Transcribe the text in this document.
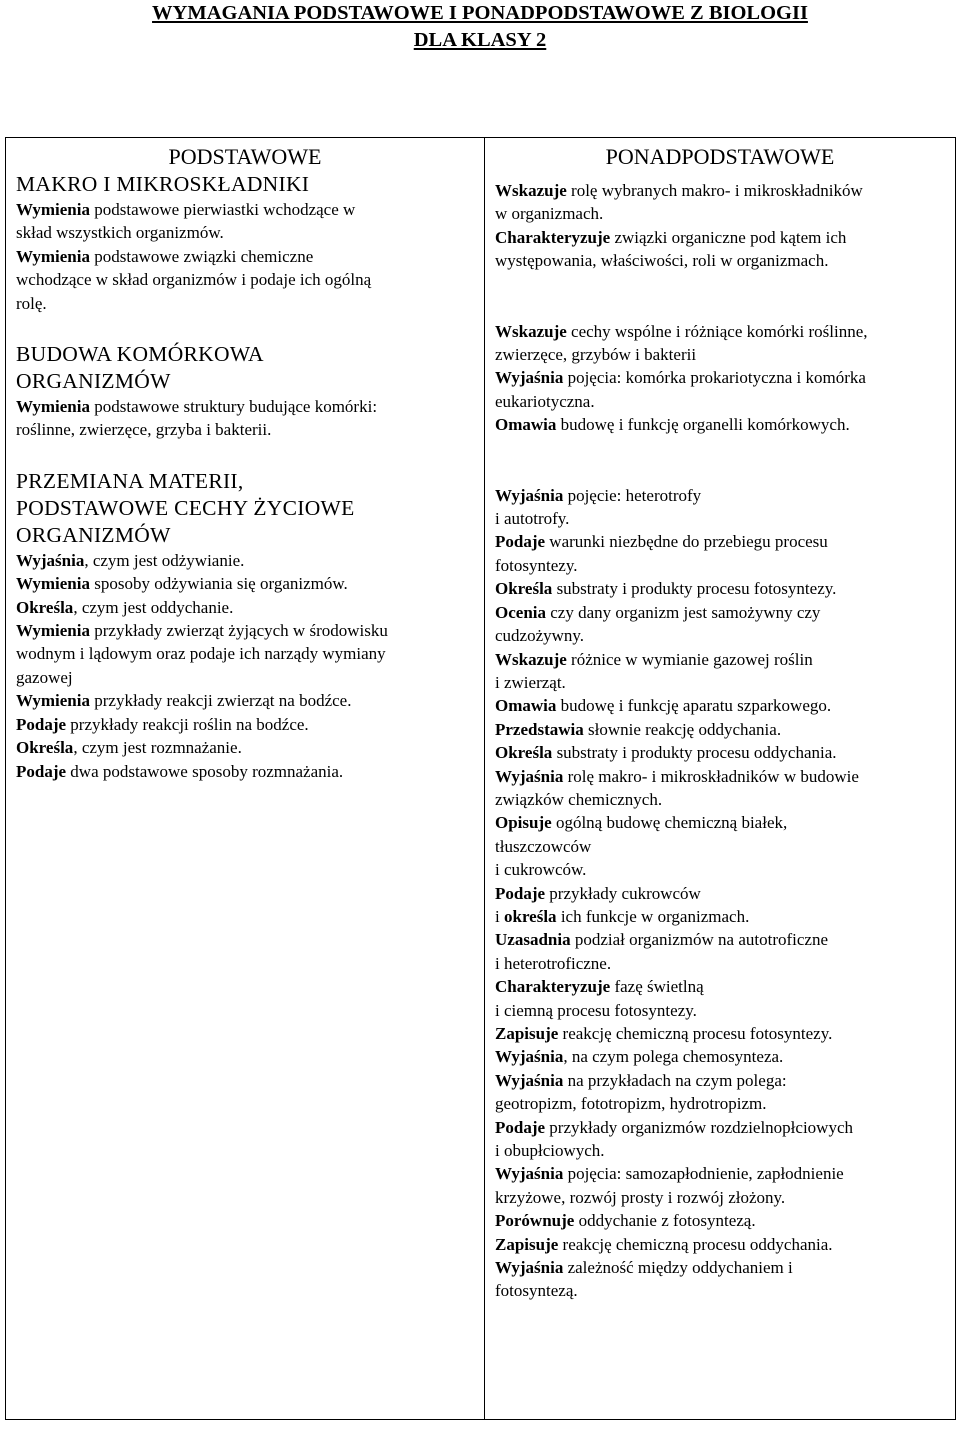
WYMAGANIA PODSTAWOWE I PONADPODSTAWOWE Z BIOLOGII
DLA KLASY 2
PODSTAWOWE
MAKRO I MIKROSKŁADNIKI
Wymienia podstawowe pierwiastki wchodzące w
skład wszystkich organizmów.
Wymienia podstawowe związki chemiczne
wchodzące w skład organizmów i podaje ich ogólną
rolę.
BUDOWA KOMÓRKOWA
ORGANIZMÓW
Wymienia podstawowe struktury budujące komórki:
roślinne, zwierzęce, grzyba i bakterii.
PRZEMIANA MATERII,
PODSTAWOWE CECHY ŻYCIOWE
ORGANIZMÓW
Wyjaśnia, czym jest odżywianie.
Wymienia sposoby odżywiania się organizmów.
Określa, czym jest oddychanie.
Wymienia przykłady zwierząt żyjących w środowisku
wodnym i lądowym oraz podaje ich narządy wymiany
gazowej
Wymienia przykłady reakcji zwierząt na bodźce.
Podaje przykłady reakcji roślin na bodźce.
Określa, czym jest rozmnażanie.
Podaje dwa podstawowe sposoby rozmnażania.

PONADPODSTAWOWE
Wskazuje rolę wybranych makro- i mikroskładników
w organizmach.
Charakteryzuje związki organiczne pod kątem ich
występowania, właściwości, roli w organizmach.
Wskazuje cechy wspólne i różniące komórki roślinne,
zwierzęce, grzybów i bakterii
Wyjaśnia pojęcia: komórka prokariotyczna i komórka
eukariotyczna.
Omawia budowę i funkcję organelli komórkowych.
Wyjaśnia pojęcie: heterotrofy
i autotrofy.
Podaje warunki niezbędne do przebiegu procesu
fotosyntezy.
Określa substraty i produkty procesu fotosyntezy.
Ocenia czy dany organizm jest samożywny czy
cudzożywny.
Wskazuje różnice w wymianie gazowej roślin
i zwierząt.
Omawia budowę i funkcję aparatu szparkowego.
Przedstawia słownie reakcję oddychania.
Określa substraty i produkty procesu oddychania.
Wyjaśnia rolę makro- i mikroskładników w budowie
związków chemicznych.
Opisuje ogólną budowę chemiczną białek,
tłuszczowców
i cukrowców.
Podaje przykłady cukrowców
i określa ich funkcje w organizmach.
Uzasadnia podział organizmów na autotroficzne
i heterotroficzne.
Charakteryzuje fazę świetlną
i ciemną procesu fotosyntezy.
Zapisuje reakcję chemiczną procesu fotosyntezy.
Wyjaśnia, na czym polega chemosynteza.
Wyjaśnia na przykładach na czym polega:
geotropizm, fototropizm, hydrotropizm.
Podaje przykłady organizmów rozdzielnopłciowych
i obupłciowych.
Wyjaśnia pojęcia: samozapłodnienie, zapłodnienie
krzyżowe, rozwój prosty i rozwój złożony.
Porównuje oddychanie z fotosyntezą.
Zapisuje reakcję chemiczną procesu oddychania.
Wyjaśnia zależność między oddychaniem i
fotosyntezą.
